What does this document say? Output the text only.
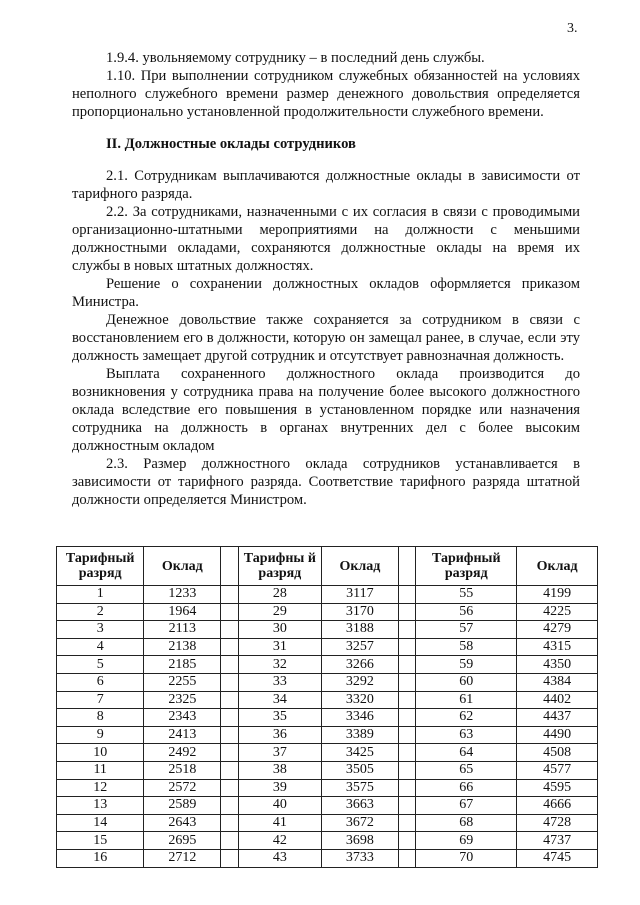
3.

1.9.4. увольняемому сотруднику – в последний день службы.

1.10. При выполнении сотрудником служебных обязанностей на условиях неполного служебного времени размер денежного довольствия определяется пропорционально установленной продолжительности служебного времени.

II. Должностные оклады сотрудников

2.1. Сотрудникам выплачиваются должностные оклады в зависимости от тарифного разряда.

2.2. За сотрудниками, назначенными с их согласия в связи с проводимыми организационно-штатными мероприятиями на должности с меньшими должностными окладами, сохраняются должностные оклады на время их службы в новых штатных должностях.

Решение о сохранении должностных окладов оформляется приказом Министра.

Денежное довольствие также сохраняется за сотрудником в связи с восстановлением его в должности, которую он замещал ранее, в случае, если эту должность замещает другой сотрудник и отсутствует равнозначная должность.

Выплата сохраненного должностного оклада производится до возникновения у сотрудника права на получение более высокого должностного оклада вследствие его повышения в установленном порядке или назначения сотрудника на должность в органах внутренних дел с более высоким должностным окладом

2.3. Размер должностного оклада сотрудников устанавливается в зависимости от тарифного разряда. Соответствие тарифного разряда штатной должности определяется Министром.

Тарифный разряд	Оклад		Тарифны й разряд	Оклад		Тарифный разряд	Оклад
1	1233		28	3117		55	4199
2	1964		29	3170		56	4225
3	2113		30	3188		57	4279
4	2138		31	3257		58	4315
5	2185		32	3266		59	4350
6	2255		33	3292		60	4384
7	2325		34	3320		61	4402
8	2343		35	3346		62	4437
9	2413		36	3389		63	4490
10	2492		37	3425		64	4508
11	2518		38	3505		65	4577
12	2572		39	3575		66	4595
13	2589		40	3663		67	4666
14	2643		41	3672		68	4728
15	2695		42	3698		69	4737
16	2712		43	3733		70	4745
